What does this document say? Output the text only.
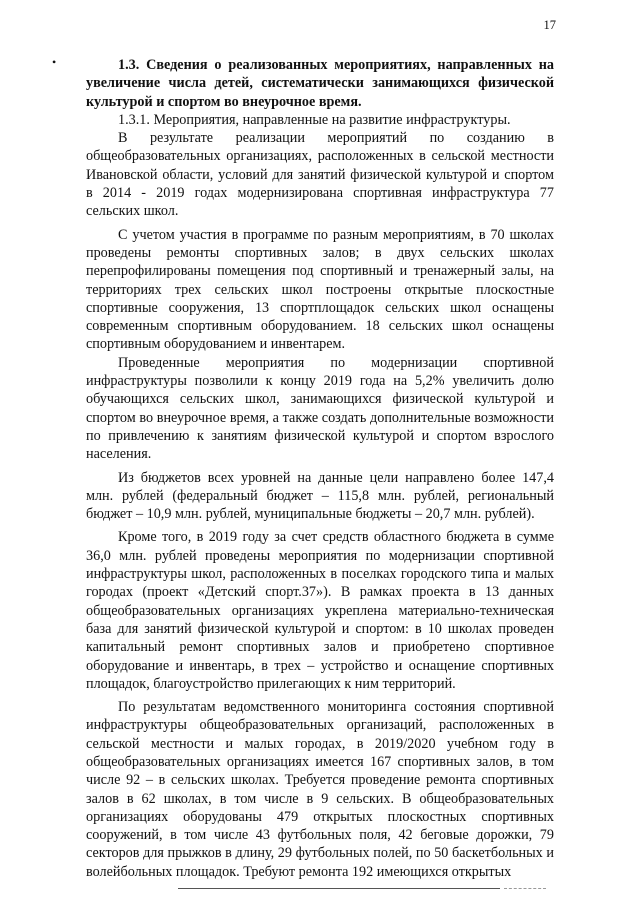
17
•	1.3. Сведения о реализованных мероприятиях, направленных на увеличение числа детей, систематически занимающихся физической культурой и спортом во внеурочное время.

1.3.1. Мероприятия, направленные на развитие инфраструктуры.

В результате реализации мероприятий по созданию в общеобразовательных организациях, расположенных в сельской местности Ивановской области, условий для занятий физической культурой и спортом в 2014 - 2019 годах модернизирована спортивная инфраструктура 77 сельских школ.

С учетом участия в программе по разным мероприятиям, в 70 школах проведены ремонты спортивных залов; в двух сельских школах перепрофилированы помещения под спортивный и тренажерный залы, на территориях трех сельских школ построены открытые плоскостные спортивные сооружения, 13 спортплощадок сельских школ оснащены современным спортивным оборудованием. 18 сельских школ оснащены спортивным оборудованием и инвентарем.

Проведенные мероприятия по модернизации спортивной инфраструктуры позволили к концу 2019 года на 5,2% увеличить долю обучающихся сельских школ, занимающихся физической культурой и спортом во внеурочное время, а также создать дополнительные возможности по привлечению к занятиям физической культурой и спортом взрослого населения.

Из бюджетов всех уровней на данные цели направлено более 147,4 млн. рублей (федеральный бюджет – 115,8 млн. рублей, региональный бюджет – 10,9 млн. рублей, муниципальные бюджеты – 20,7 млн. рублей).

Кроме того, в 2019 году за счет средств областного бюджета в сумме 36,0 млн. рублей проведены мероприятия по модернизации спортивной инфраструктуры школ, расположенных в поселках городского типа и малых городах (проект «Детский спорт.37»). В рамках проекта в 13 данных общеобразовательных организациях укреплена материально-техническая база для занятий физической культурой и спортом: в 10 школах проведен капитальный ремонт спортивных залов и приобретено спортивное оборудование и инвентарь, в трех – устройство и оснащение спортивных площадок, благоустройство прилегающих к ним территорий.

По результатам ведомственного мониторинга состояния спортивной инфраструктуры общеобразовательных организаций, расположенных в сельской местности и малых городах, в 2019/2020 учебном году в общеобразовательных организациях имеется 167 спортивных залов, в том числе 92 – в сельских школах. Требуется проведение ремонта спортивных залов в 62 школах, в том числе в 9 сельских. В общеобразовательных организациях оборудованы 479 открытых плоскостных спортивных сооружений, в том числе 43 футбольных поля, 42 беговые дорожки, 79 секторов для прыжков в длину, 29 футбольных полей, по 50 баскетбольных и волейбольных площадок. Требуют ремонта 192 имеющихся открытых
